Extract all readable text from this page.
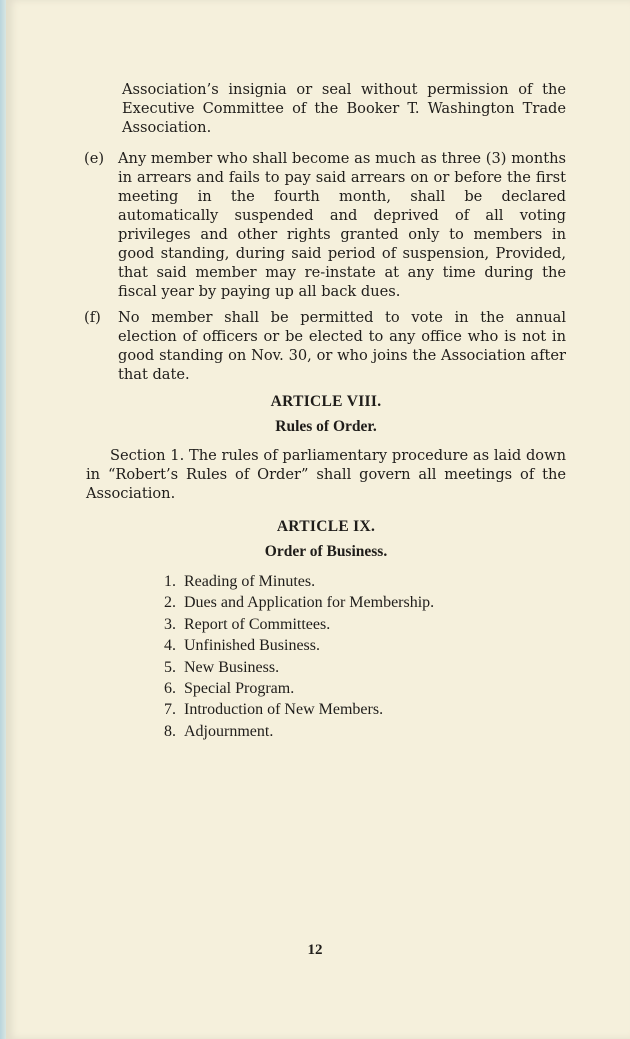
Association’s insignia or seal without permission of the Executive Committee of the Booker T. Washington Trade Association.

(e) Any member who shall become as much as three (3) months in arrears and fails to pay said arrears on or before the first meeting in the fourth month, shall be declared automatically suspended and deprived of all voting privileges and other rights granted only to members in good standing, during said period of suspension, Provided, that said member may re-instate at any time during the fiscal year by paying up all back dues.
(f)	No member shall be permitted to vote in the annual election of officers or be elected to any office who is not in good standing on Nov. 30, or who joins the Association after that date.
ARTICLE VIII.
Rules of Order.

Section 1. The rules of parliamentary procedure as laid down in “Robert’s Rules of Order” shall govern all meetings of the Association.

ARTICLE IX.
Order of Business.
1. Reading of Minutes.
2. Dues and Application for Membership.
3. Report of Committees.
4. Unfinished Business.
5. New Business.
6. Special Program.
7. Introduction of New Members.
8. Adjournment.
12
